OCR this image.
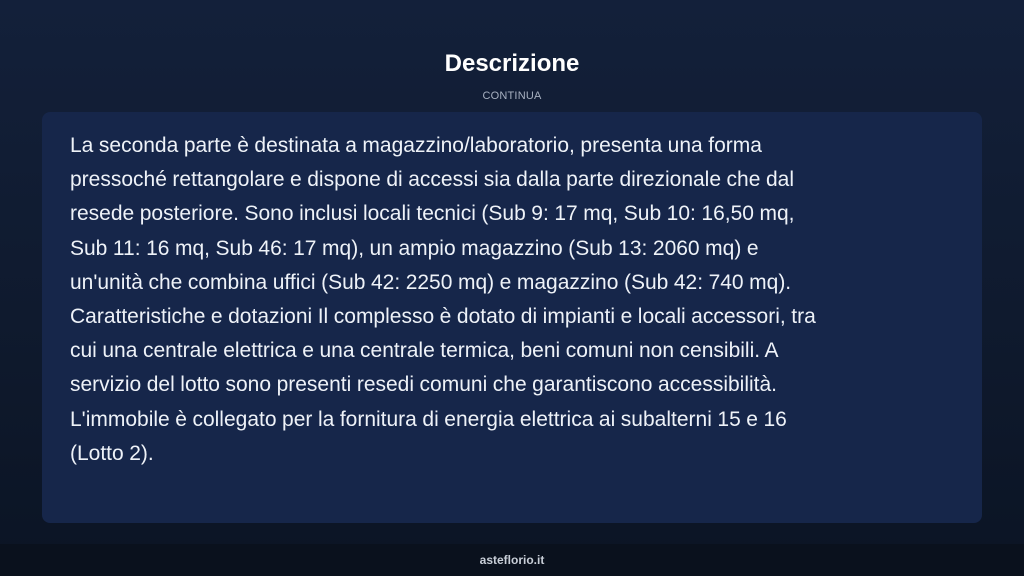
Descrizione
CONTINUA

La seconda parte è destinata a magazzino/laboratorio, presenta una forma
pressoché rettangolare e dispone di accessi sia dalla parte direzionale che dal
resede posteriore. Sono inclusi locali tecnici (Sub 9: 17 mq, Sub 10: 16,50 mq,
Sub 11: 16 mq, Sub 46: 17 mq), un ampio magazzino (Sub 13: 2060 mq) e
un'unità che combina uffici (Sub 42: 2250 mq) e magazzino (Sub 42: 740 mq).
Caratteristiche e dotazioni Il complesso è dotato di impianti e locali accessori, tra
cui una centrale elettrica e una centrale termica, beni comuni non censibili. A
servizio del lotto sono presenti resedi comuni che garantiscono accessibilità.
L'immobile è collegato per la fornitura di energia elettrica ai subalterni 15 e 16
(Lotto 2).

asteflorio.it
